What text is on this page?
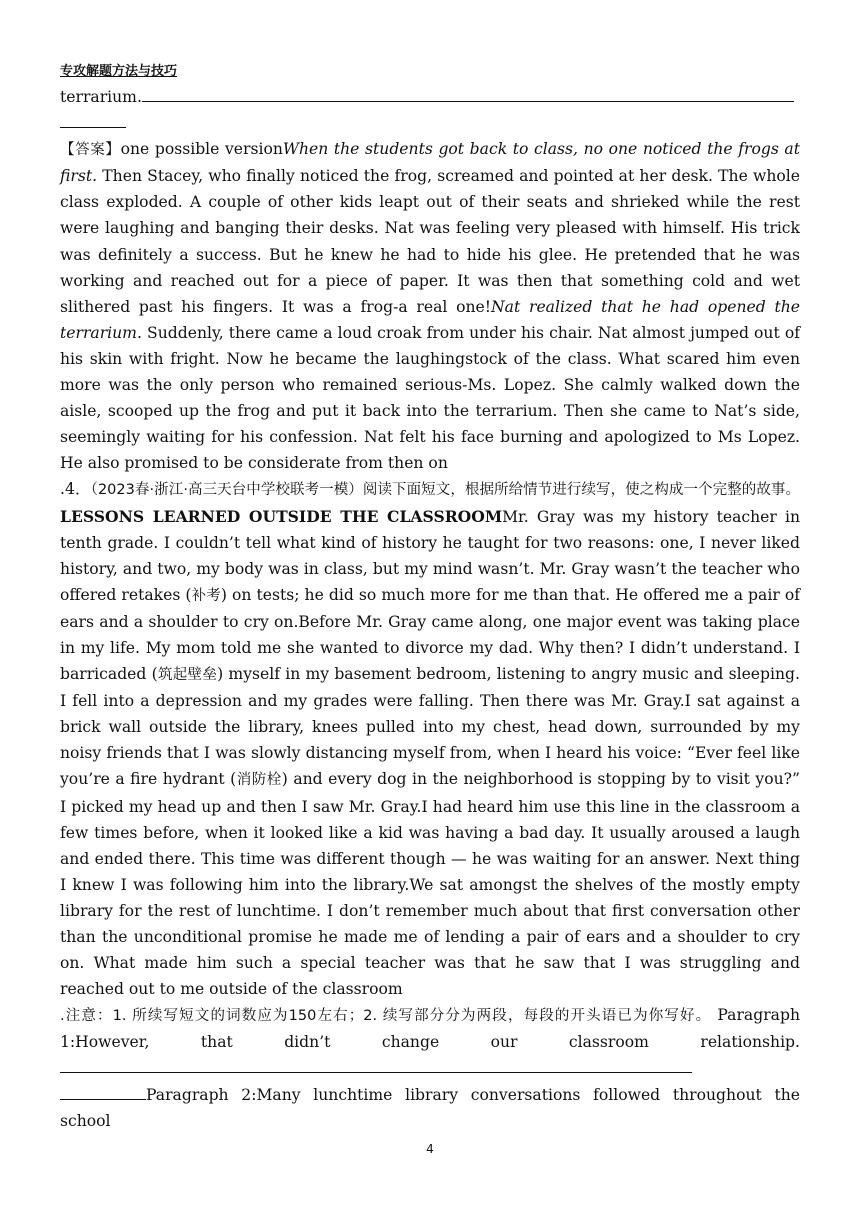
专攻解题方法与技巧

terrarium.

【答案】one possible versionWhen the students got back to class, no one noticed the frogs at first. Then Stacey, who finally noticed the frog, screamed and pointed at her desk. The whole class exploded. A couple of other kids leapt out of their seats and shrieked while the rest were laughing and banging their desks. Nat was feeling very pleased with himself. His trick was definitely a success. But he knew he had to hide his glee. He pretended that he was working and reached out for a piece of paper. It was then that something cold and wet slithered past his fingers. It was a frog-a real one!Nat realized that he had opened the terrarium. Suddenly, there came a loud croak from under his chair. Nat almost jumped out of his skin with fright. Now he became the laughingstock of the class. What scared him even more was the only person who remained serious-Ms. Lopez. She calmly walked down the aisle, scooped up the frog and put it back into the terrarium. Then she came to Nat’s side, seemingly waiting for his confession. Nat felt his face burning and apologized to Ms Lopez. He also promised to be considerate from then on

.4．（2023春·浙江·高三天台中学校联考一模）阅读下面短文，根据所给情节进行续写，使之构成一个完整的故事。LESSONS LEARNED OUTSIDE THE CLASSROOMMr. Gray was my history teacher in tenth grade. I couldn’t tell what kind of history he taught for two reasons: one, I never liked history, and two, my body was in class, but my mind wasn’t. Mr. Gray wasn’t the teacher who offered retakes (补考) on tests; he did so much more for me than that. He offered me a pair of ears and a shoulder to cry on.Before Mr. Gray came along, one major event was taking place in my life. My mom told me she wanted to divorce my dad. Why then? I didn’t understand. I barricaded (筑起壁垒) myself in my basement bedroom, listening to angry music and sleeping. I fell into a depression and my grades were falling. Then there was Mr. Gray.I sat against a brick wall outside the library, knees pulled into my chest, head down, surrounded by my noisy friends that I was slowly distancing myself from, when I heard his voice: “Ever feel like you’re a fire hydrant (消防栓) and every dog in the neighborhood is stopping by to visit you?” I picked my head up and then I saw Mr. Gray.I had heard him use this line in the classroom a few times before, when it looked like a kid was having a bad day. It usually aroused a laugh and ended there. This time was different though — he was waiting for an answer. Next thing I knew I was following him into the library.We sat amongst the shelves of the mostly empty library for the rest of lunchtime. I don’t remember much about that first conversation other than the unconditional promise he made me of lending a pair of ears and a shoulder to cry on. What made him such a special teacher was that he saw that I was struggling and reached out to me outside of the classroom

.注意：1. 所续写短文的词数应为150左右；2. 续写部分分为两段，每段的开头语已为你写好。 Paragraph 1:However, that didn’t change our classroom relationship.

Paragraph 2:Many lunchtime library conversations followed throughout the school

4
